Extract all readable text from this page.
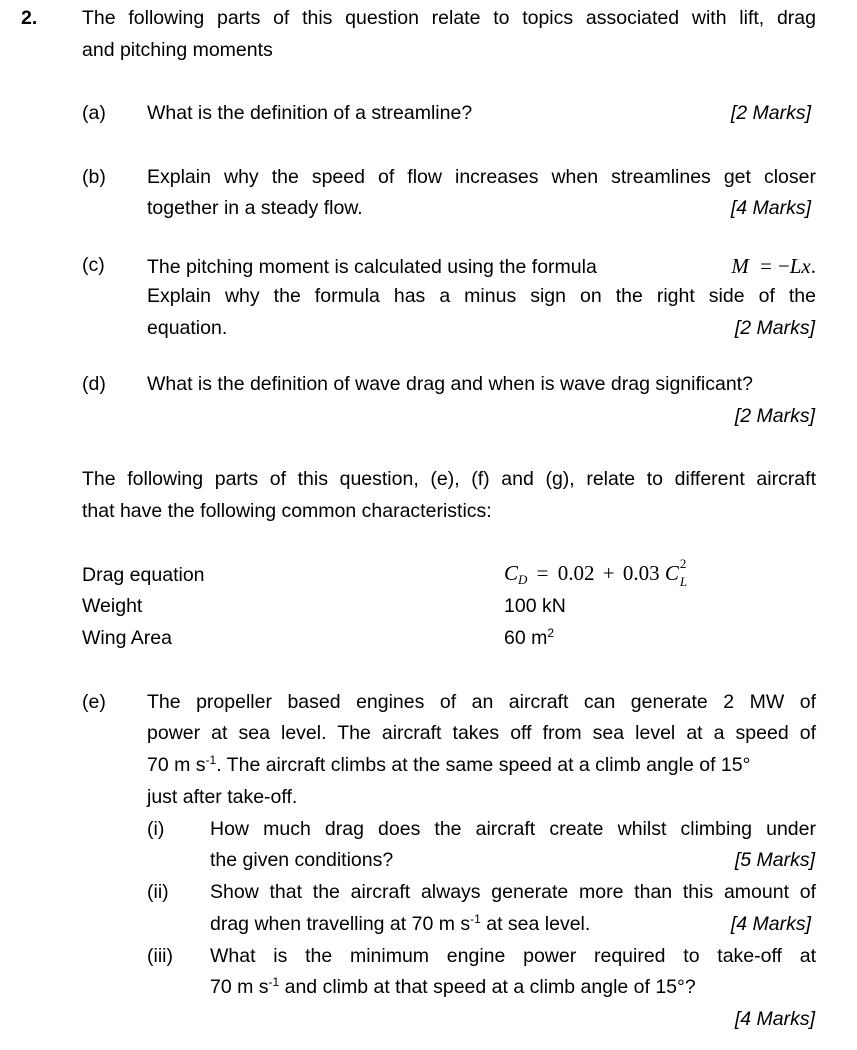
2. The following parts of this question relate to topics associated with lift, drag
and pitching moments
(a) What is the definition of a streamline?	[2 Marks]
(b) Explain why the speed of flow increases when streamlines get closer
together in a steady flow.	[4 Marks]
(c) The pitching moment is calculated using the formula	M = −Lx.
Explain why the formula has a minus sign on the right side of the
equation.	[2 Marks]
(d) What is the definition of wave drag and when is wave drag significant?
[2 Marks]
The following parts of this question, (e), (f) and (g), relate to different aircraft
that have the following common characteristics:
Drag equation	$C_D = 0.02 + 0.03$ C 2
L
Weight	100 kN
Wing Area	60 $m^2$
(e) The propeller based engines of an aircraft can generate 2 MW of
power at sea level. The aircraft takes off from sea level at a speed of
70 m $s^{-1}$. The aircraft climbs at the same speed at a climb angle of 15°
just after take-off.
(i) How much drag does the aircraft create whilst climbing under
the given conditions?	[5 Marks]
(ii) Show that the aircraft always generate more than this amount of
drag when travelling at 70 m $s^{-1}$ at sea level.	[4 Marks]
(iii) What is the minimum engine power required to take-off at
70 m $s^{-1}$ and climb at that speed at a climb angle of 15°?
[4 Marks]
